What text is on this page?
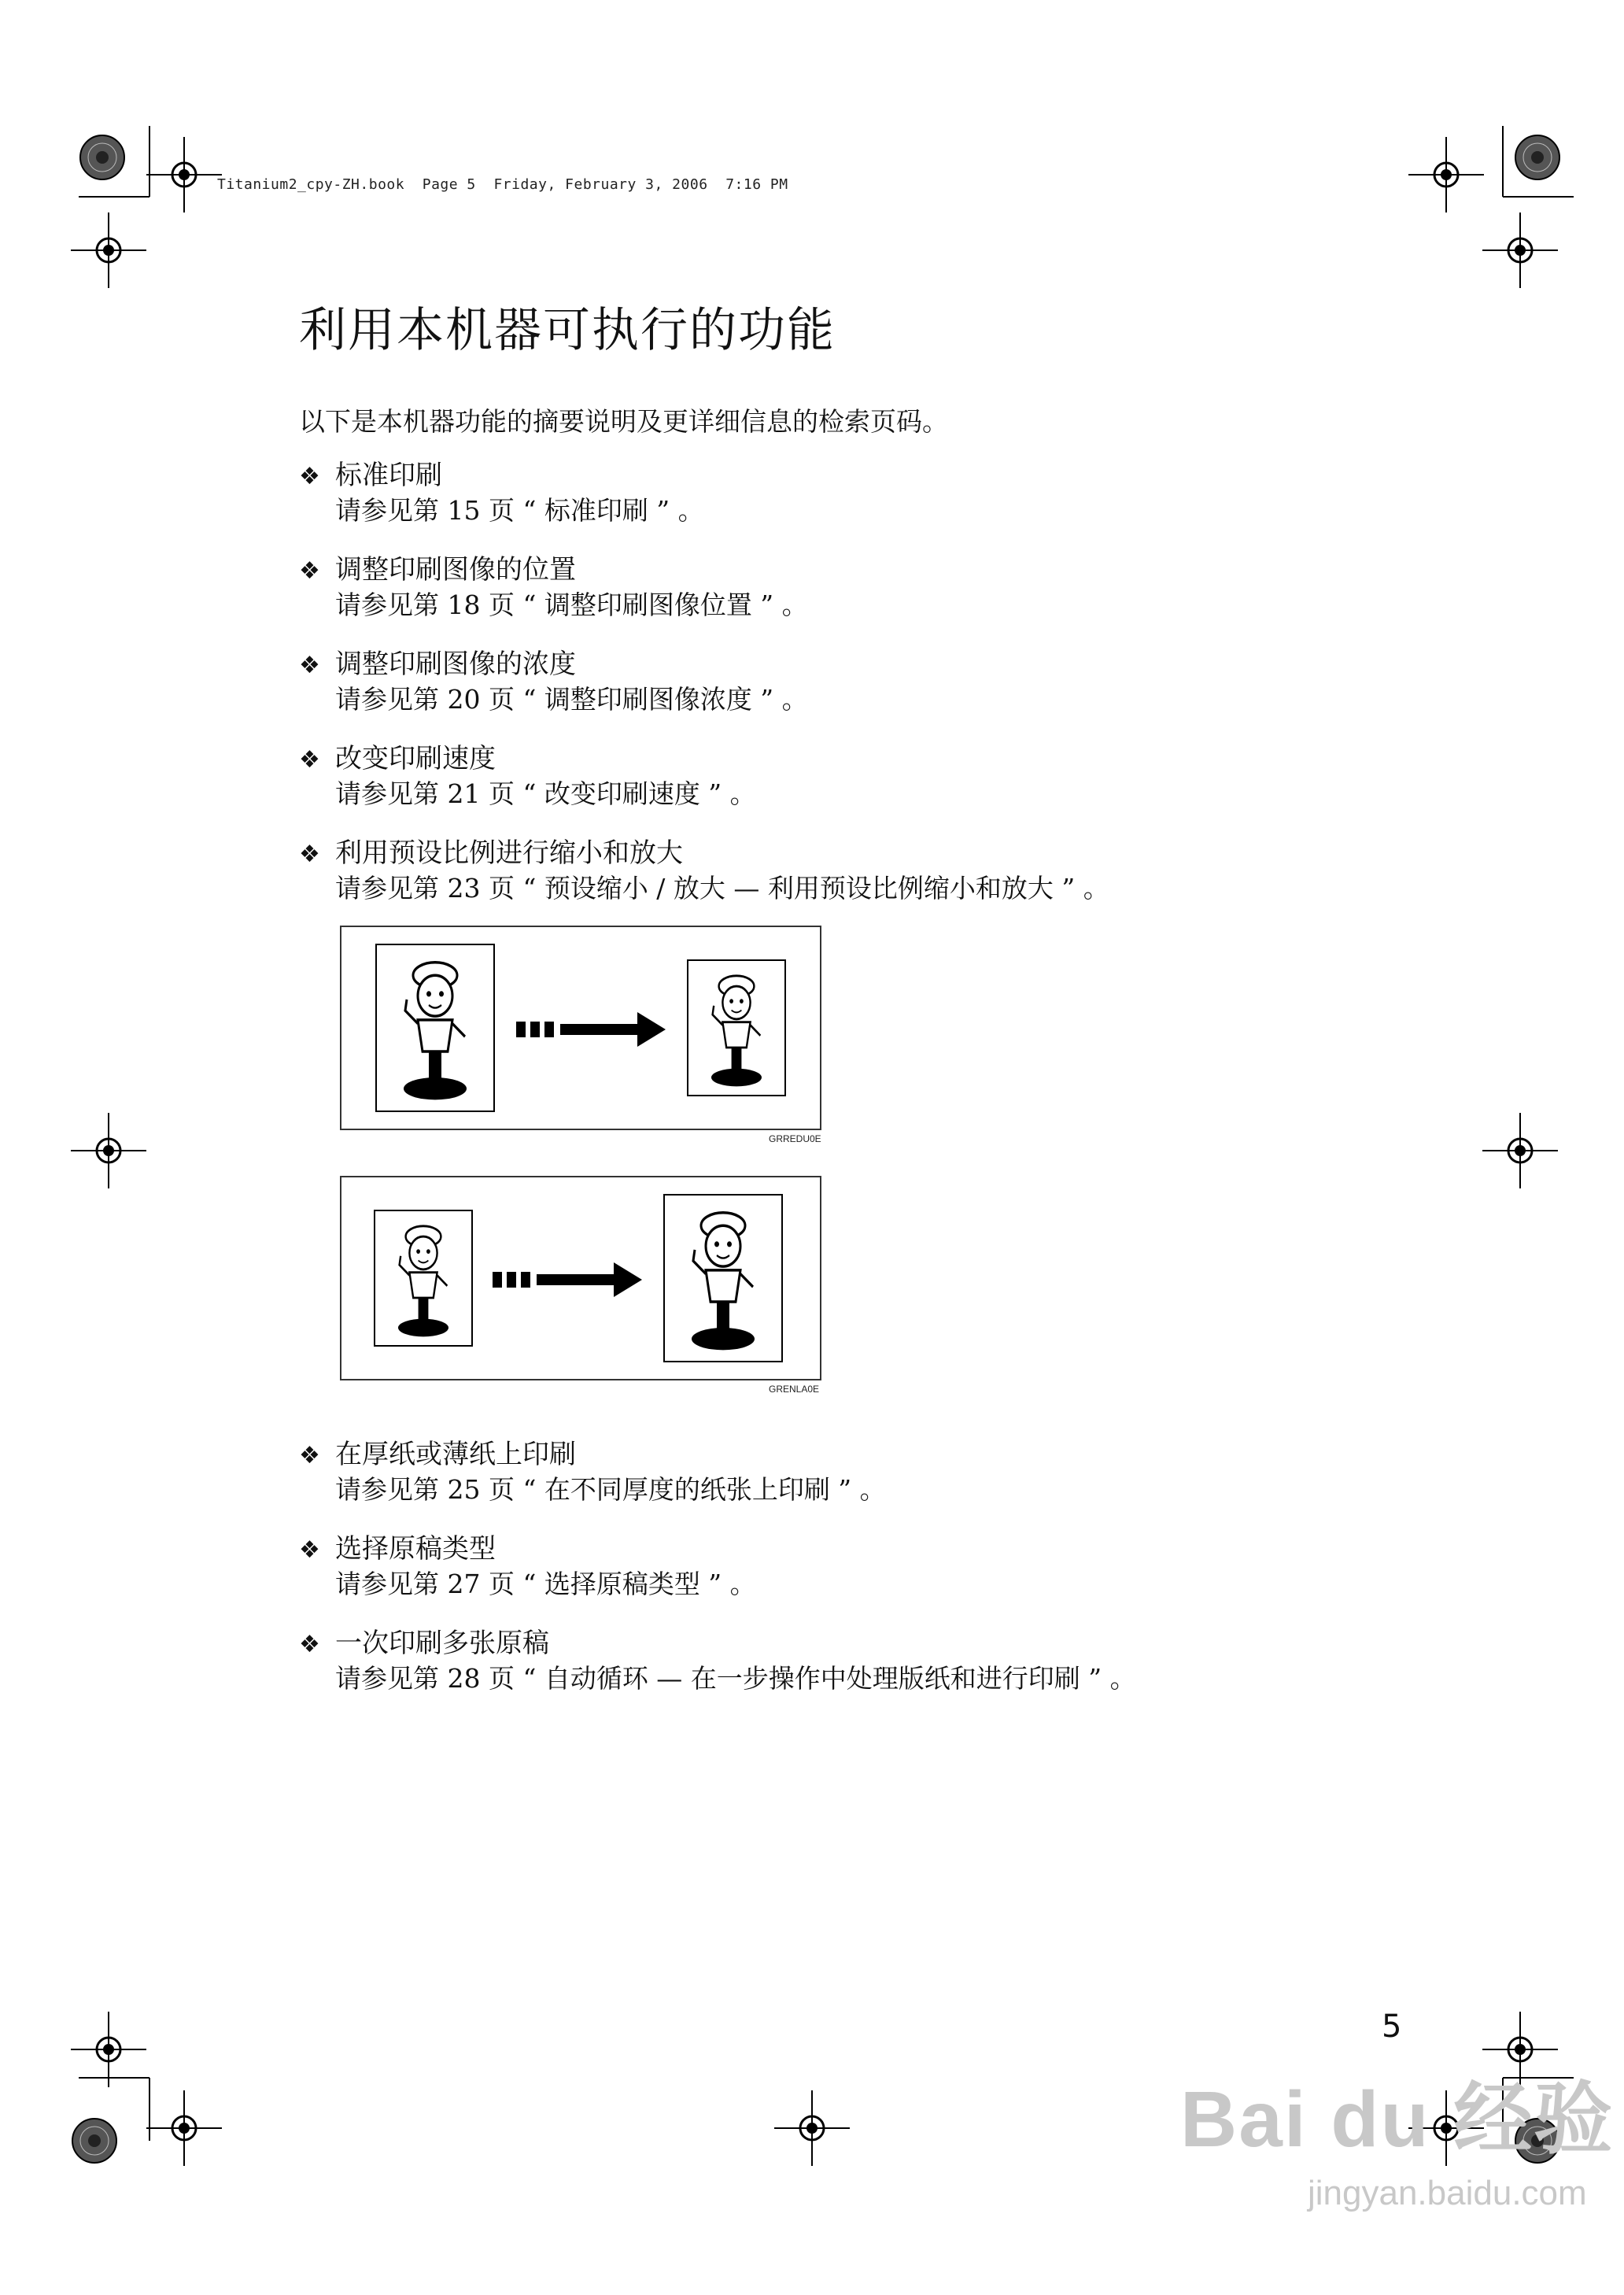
Titanium2_cpy-ZH.book  Page 5  Friday, February 3, 2006  7:16 PM
利用本机器可执行的功能
以下是本机器功能的摘要说明及更详细信息的检索页码。
❖ 标准印刷
请参见第 15 页 “ 标准印刷 ” 。
❖ 调整印刷图像的位置
请参见第 18 页 “ 调整印刷图像位置 ” 。
❖ 调整印刷图像的浓度
请参见第 20 页 “ 调整印刷图像浓度 ” 。
❖ 改变印刷速度
请参见第 21 页 “ 改变印刷速度 ” 。
❖ 利用预设比例进行缩小和放大
请参见第 23 页 “ 预设缩小 / 放大 — 利用预设比例缩小和放大 ” 。
GRREDU0E
GRENLA0E
❖ 在厚纸或薄纸上印刷
请参见第 25 页 “ 在不同厚度的纸张上印刷 ” 。
❖ 选择原稿类型
请参见第 27 页 “ 选择原稿类型 ” 。
❖ 一次印刷多张原稿
请参见第 28 页 “ 自动循环 — 在一步操作中处理版纸和进行印刷 ” 。
5
Bai du 经验
jingyan.baidu.com
